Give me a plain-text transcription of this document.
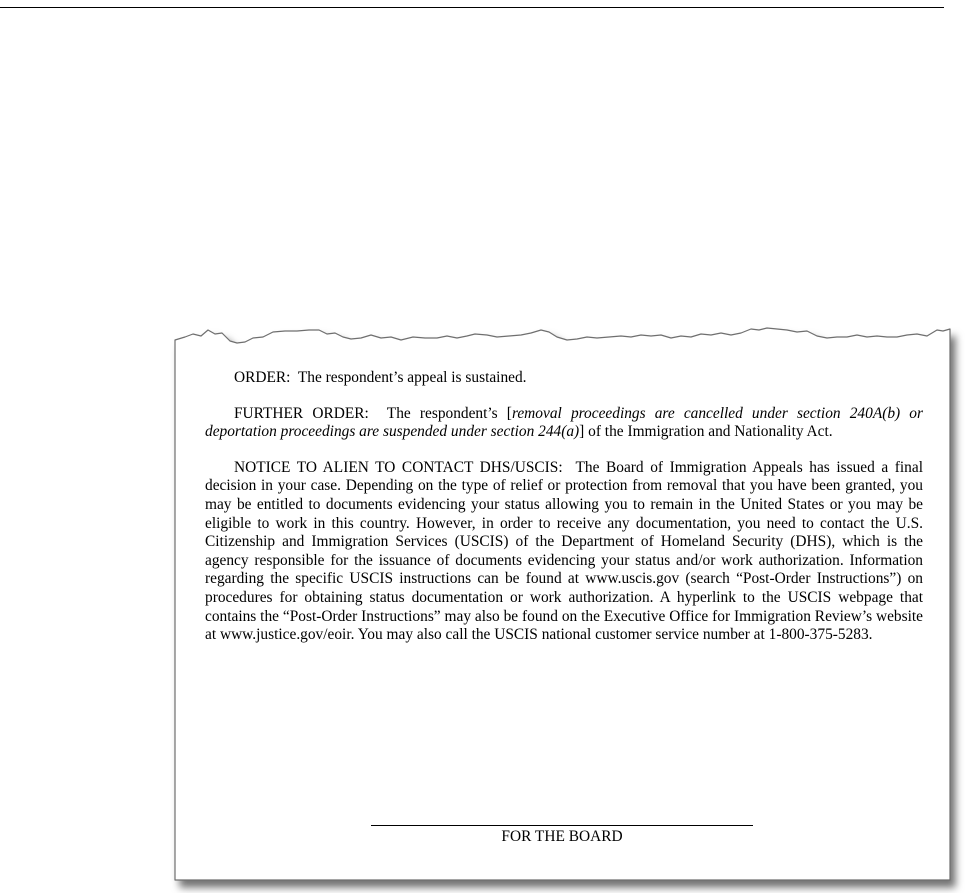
ORDER: The respondent’s appeal is sustained.

FURTHER ORDER: The respondent’s [removal proceedings are cancelled under section 240A(b) or deportation proceedings are suspended under section 244(a)] of the Immigration and Nationality Act.

NOTICE TO ALIEN TO CONTACT DHS/USCIS: The Board of Immigration Appeals has issued a final decision in your case. Depending on the type of relief or protection from removal that you have been granted, you may be entitled to documents evidencing your status allowing you to remain in the United States or you may be eligible to work in this country. However, in order to receive any documentation, you need to contact the U.S. Citizenship and Immigration Services (USCIS) of the Department of Homeland Security (DHS), which is the agency responsible for the issuance of documents evidencing your status and/or work authorization. Information regarding the specific USCIS instructions can be found at www.uscis.gov (search “Post-Order Instructions”) on procedures for obtaining status documentation or work authorization. A hyperlink to the USCIS webpage that contains the “Post-Order Instructions” may also be found on the Executive Office for Immigration Review’s website at www.justice.gov/eoir. You may also call the USCIS national customer service number at 1-800-375-5283.

FOR THE BOARD
